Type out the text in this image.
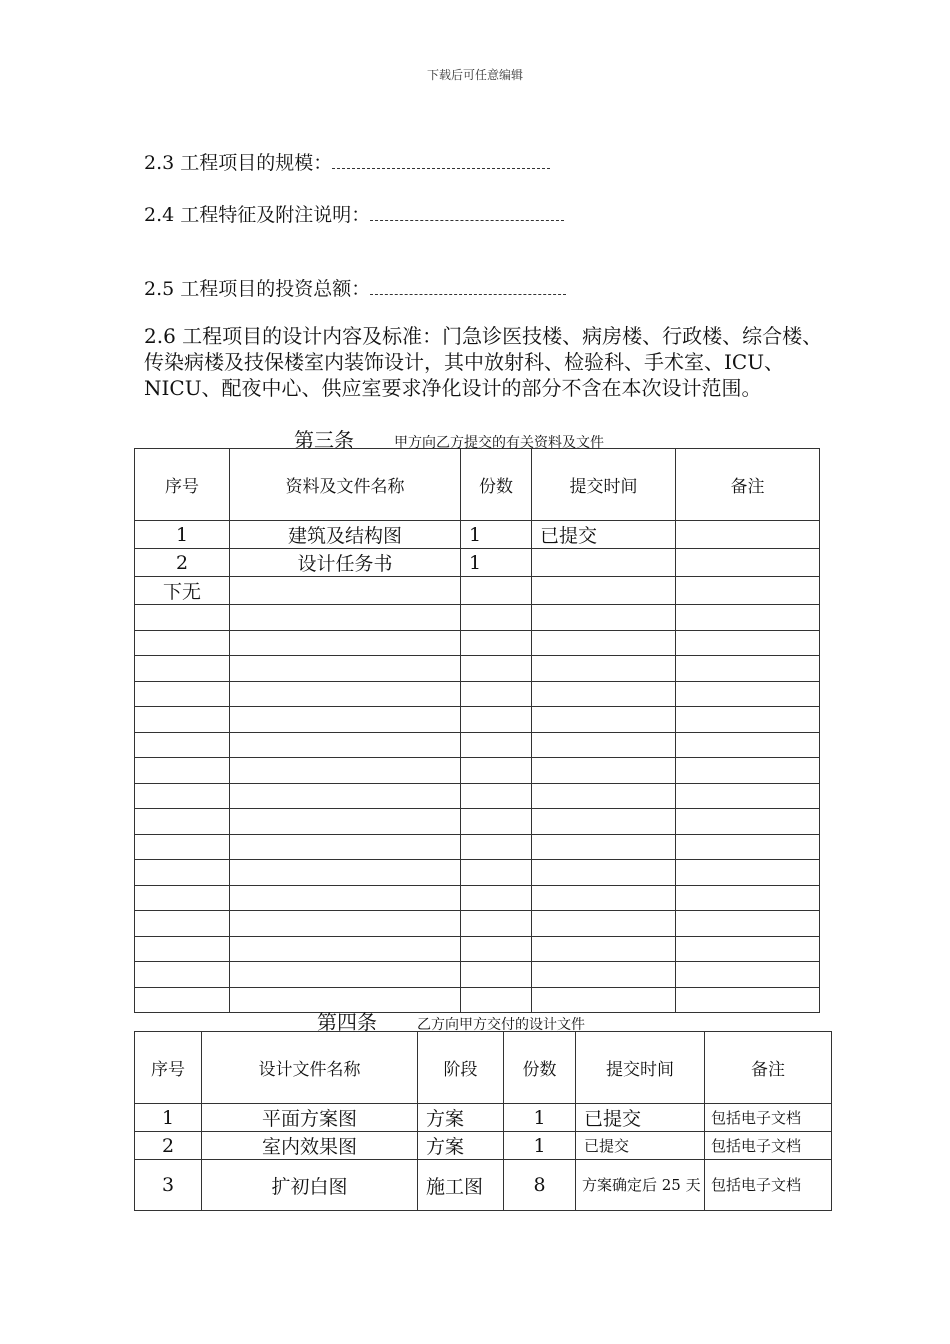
下载后可任意编辑
2.3 工程项目的规模：
2.4 工程特征及附注说明：
2.5 工程项目的投资总额：
2.6 工程项目的设计内容及标准：门急诊医技楼、病房楼、行政楼、综合楼、传染病楼及技保楼室内装饰设计，其中放射科、检验科、手术室、ICU、NICU、配夜中心、供应室要求净化设计的部分不含在本次设计范围。
第三条	甲方向乙方提交的有关资料及文件
序号	资料及文件名称	份数	提交时间	备注
1	建筑及结构图	1	已提交	
2	设计任务书	1		
下无				

第四条	乙方向甲方交付的设计文件
序号	设计文件名称	阶段	份数	提交时间	备注
1	平面方案图	方案	1	已提交	包括电子文档
2	室内效果图	方案	1	已提交	包括电子文档
3	扩初白图	施工图	8	方案确定后 25 天	包括电子文档
